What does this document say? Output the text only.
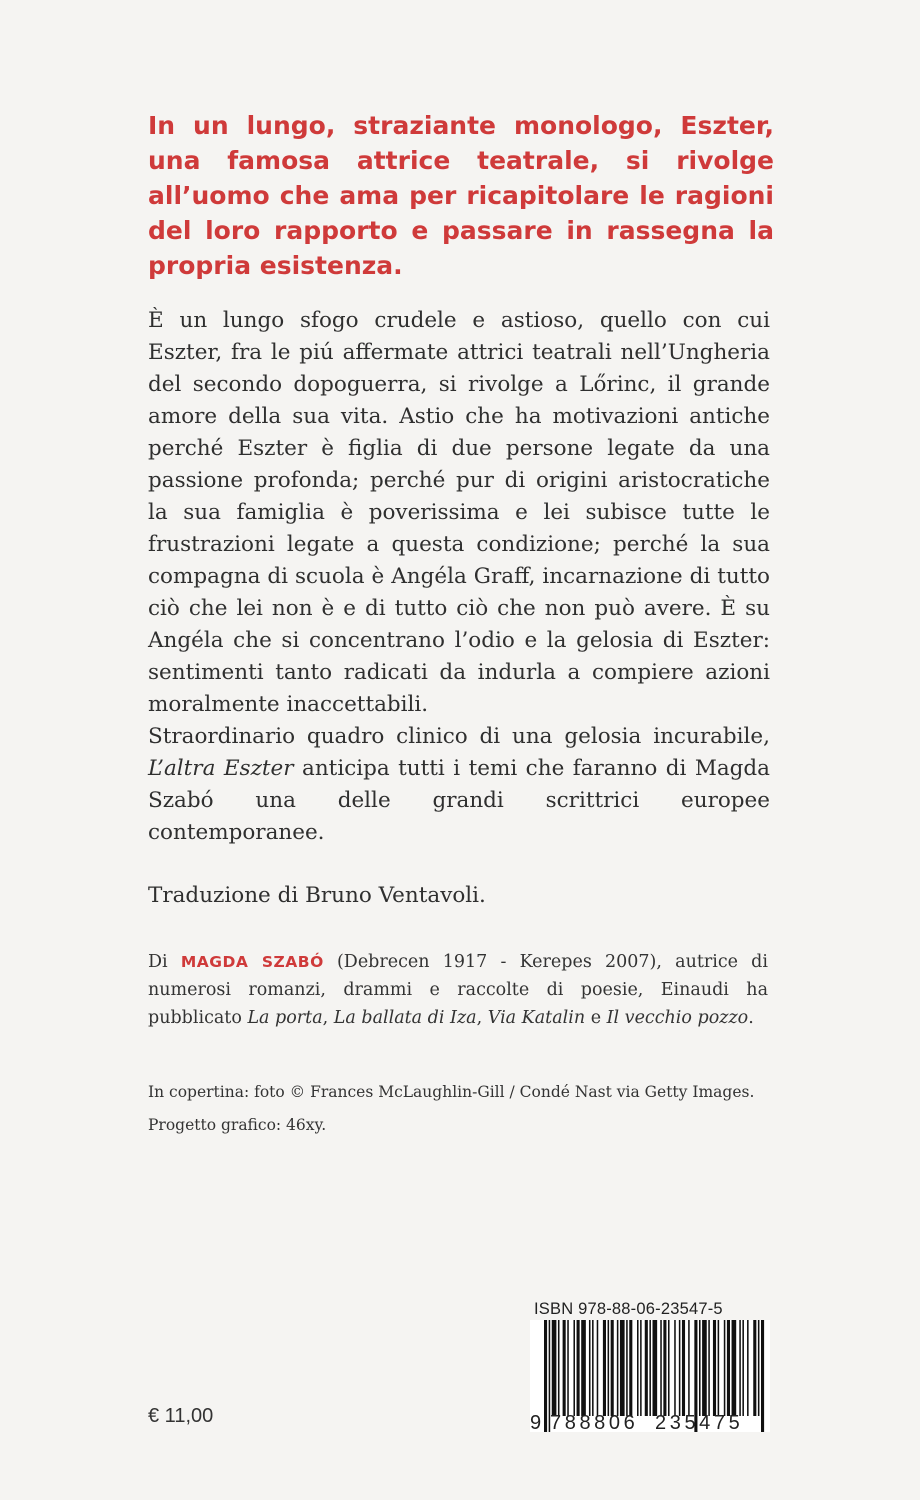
In un lungo, straziante monologo, Eszter, una famosa attrice teatrale, si rivolge all’uomo che ama per ricapitolare le ragioni del loro rapporto e passare in rassegna la propria esistenza.

È un lungo sfogo crudele e astioso, quello con cui Eszter, fra le piú affermate attrici teatrali nell’Ungheria del secondo dopoguerra, si rivolge a Lőrinc, il grande amore della sua vita. Astio che ha motivazioni antiche perché Eszter è figlia di due persone legate da una passione profonda; perché pur di origini aristocratiche la sua famiglia è poverissima e lei subisce tutte le frustrazioni legate a questa condizione; perché la sua compagna di scuola è Angéla Graff, incarnazione di tutto ciò che lei non è e di tutto ciò che non può avere. È su Angéla che si concentrano l’odio e la gelosia di Eszter: sentimenti tanto radicati da indurla a compiere azioni moralmente inaccettabili.

Straordinario quadro clinico di una gelosia incurabile, L’altra Eszter anticipa tutti i temi che faranno di Magda Szabó una delle grandi scrittrici europee contemporanee.

Traduzione di Bruno Ventavoli.

Di MAGDA SZABÓ (Debrecen 1917 - Kerepes 2007), autrice di numerosi romanzi, drammi e raccolte di poesie, Einaudi ha pubblicato La porta, La ballata di Iza, Via Katalin e Il vecchio pozzo.

In copertina: foto © Frances McLaughlin-Gill / Condé Nast via Getty Images.

Progetto grafico: 46xy.

€ 11,00
ISBN 978-88-06-23547-5
9 788806 235475
